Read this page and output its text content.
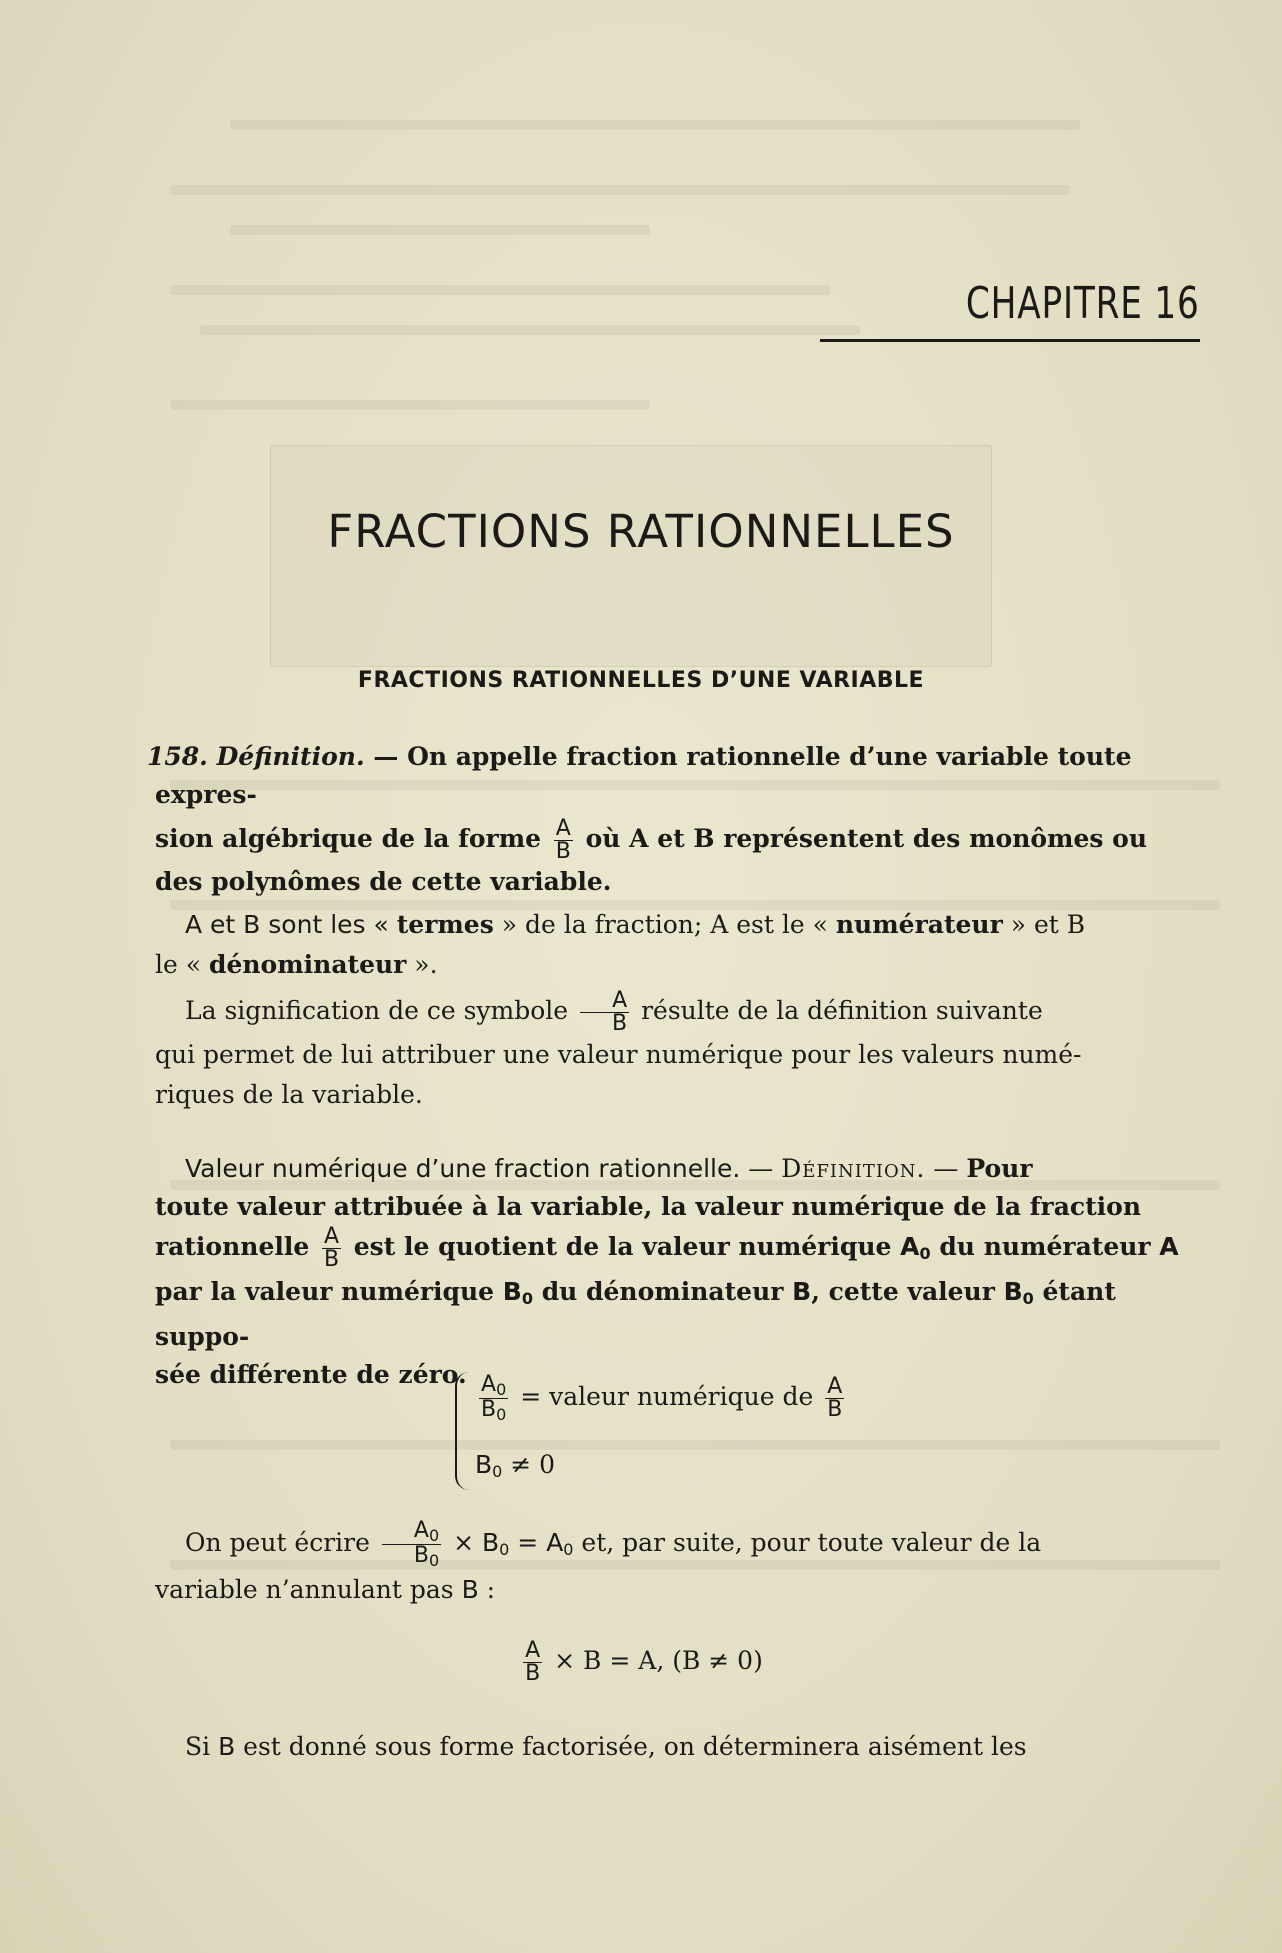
CHAPITRE 16
FRACTIONS RATIONNELLES
FRACTIONS RATIONNELLES D’UNE VARIABLE
158. Définition. — On appelle fraction rationnelle d’une variable toute expres-
sion algébrique de la forme $\frac{A}{B}$ où A et B représentent des monômes ou
des polynômes de cette variable.
A et B sont les « termes » de la fraction; A est le « numérateur » et B
le « dénominateur ».
La signification de ce symbole $\frac{A}{B}$ résulte de la définition suivante
qui permet de lui attribuer une valeur numérique pour les valeurs numé-
riques de la variable.
Valeur numérique d’une fraction rationnelle. — Définition. — Pour
toute valeur attribuée à la variable, la valeur numérique de la fraction
rationnelle $\frac{A}{B}$ est le quotient de la valeur numérique $A_0$ du numérateur A
par la valeur numérique $B_0$ du dénominateur B, cette valeur $B_0$ étant suppo-
sée différente de zéro. $\frac{A_0}{B_0}$ = valeur numérique de $\frac{A}{B}$
$B_0 \ne 0$
On peut écrire $\frac{A_0}{B_0} \times B_0 = A_0$ et, par suite, pour toute valeur de la
variable n’annulant pas B :
$\frac{A}{B} \times B = A$, (B ≠ 0)
Si B est donné sous forme factorisée, on déterminera aisément les
